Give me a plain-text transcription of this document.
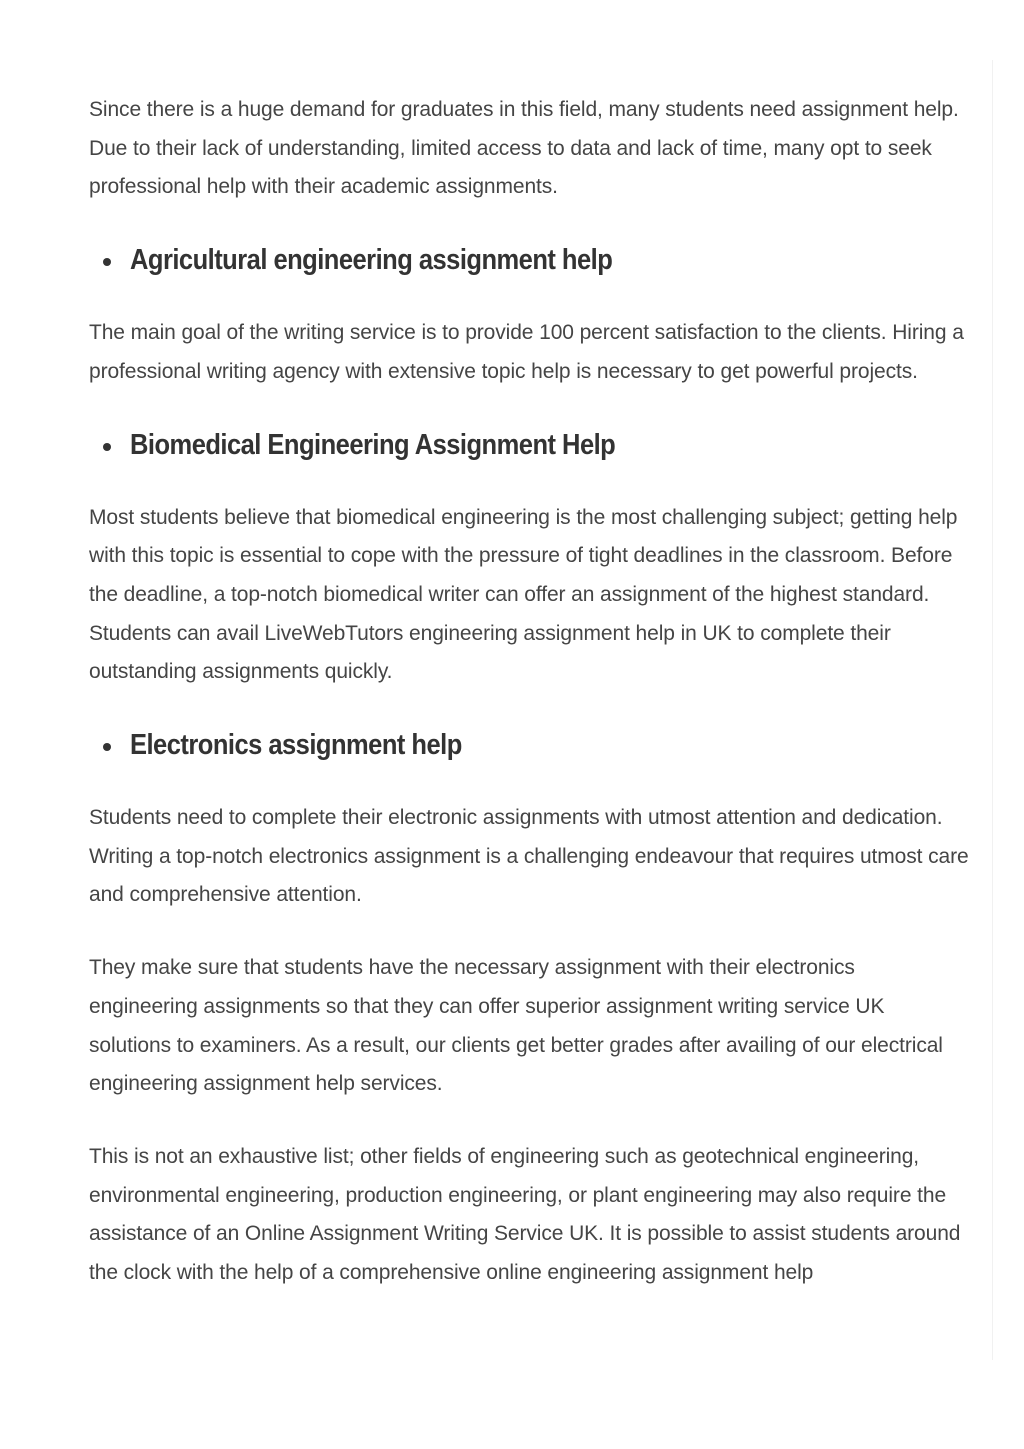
Since there is a huge demand for graduates in this field, many students need assignment help. Due to their lack of understanding, limited access to data and lack of time, many opt to seek professional help with their academic assignments.

Agricultural engineering assignment help

The main goal of the writing service is to provide 100 percent satisfaction to the clients. Hiring a professional writing agency with extensive topic help is necessary to get powerful projects.

Biomedical Engineering Assignment Help

Most students believe that biomedical engineering is the most challenging subject; getting help with this topic is essential to cope with the pressure of tight deadlines in the classroom. Before the deadline, a top-notch biomedical writer can offer an assignment of the highest standard. Students can avail LiveWebTutors engineering assignment help in UK to complete their outstanding assignments quickly.

Electronics assignment help

Students need to complete their electronic assignments with utmost attention and dedication. Writing a top-notch electronics assignment is a challenging endeavour that requires utmost care and comprehensive attention.

They make sure that students have the necessary assignment with their electronics engineering assignments so that they can offer superior assignment writing service UK solutions to examiners. As a result, our clients get better grades after availing of our electrical engineering assignment help services.

This is not an exhaustive list; other fields of engineering such as geotechnical engineering, environmental engineering, production engineering, or plant engineering may also require the assistance of an Online Assignment Writing Service UK. It is possible to assist students around the clock with the help of a comprehensive online engineering assignment help
